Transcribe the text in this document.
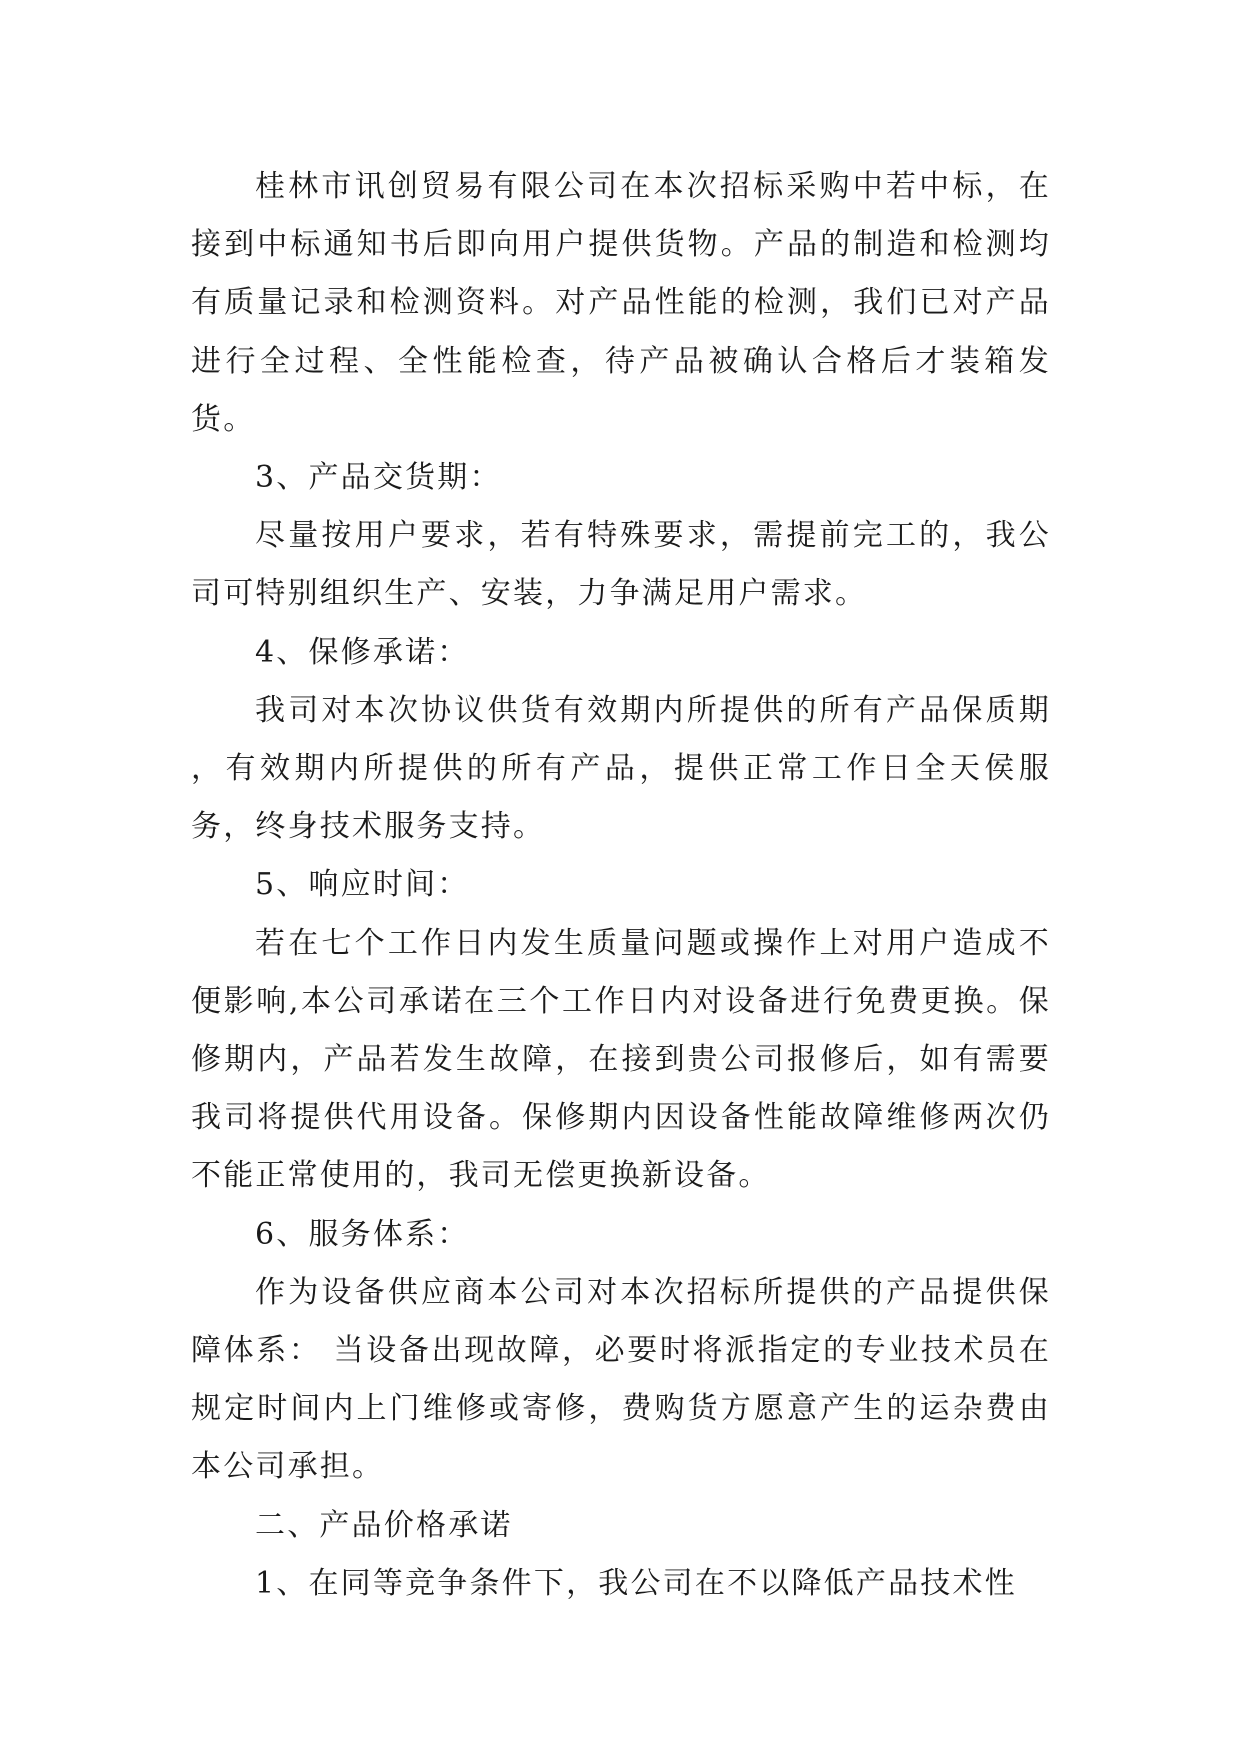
桂林市讯创贸易有限公司在本次招标采购中若中标，在接到中标通知书后即向用户提供货物。产品的制造和检测均有质量记录和检测资料。对产品性能的检测，我们已对产品进行全过程、全性能检查，待产品被确认合格后才装箱发货。

3、产品交货期：

尽量按用户要求，若有特殊要求，需提前完工的，我公司可特别组织生产、安装，力争满足用户需求。

4、保修承诺：

我司对本次协议供货有效期内所提供的所有产品保质期 ，有效期内所提供的所有产品，提供正常工作日全天侯服务，终身技术服务支持。

5、响应时间：

若在七个工作日内发生质量问题或操作上对用户造成不便影响,本公司承诺在三个工作日内对设备进行免费更换。保修期内，产品若发生故障，在接到贵公司报修后，如有需要我司将提供代用设备。保修期内因设备性能故障维修两次仍不能正常使用的，我司无偿更换新设备。

6、服务体系：

作为设备供应商本公司对本次招标所提供的产品提供保障体系： 当设备出现故障，必要时将派指定的专业技术员在规定时间内上门维修或寄修，费购货方愿意产生的运杂费由本公司承担。

二、产品价格承诺

1、在同等竞争条件下，我公司在不以降低产品技术性
